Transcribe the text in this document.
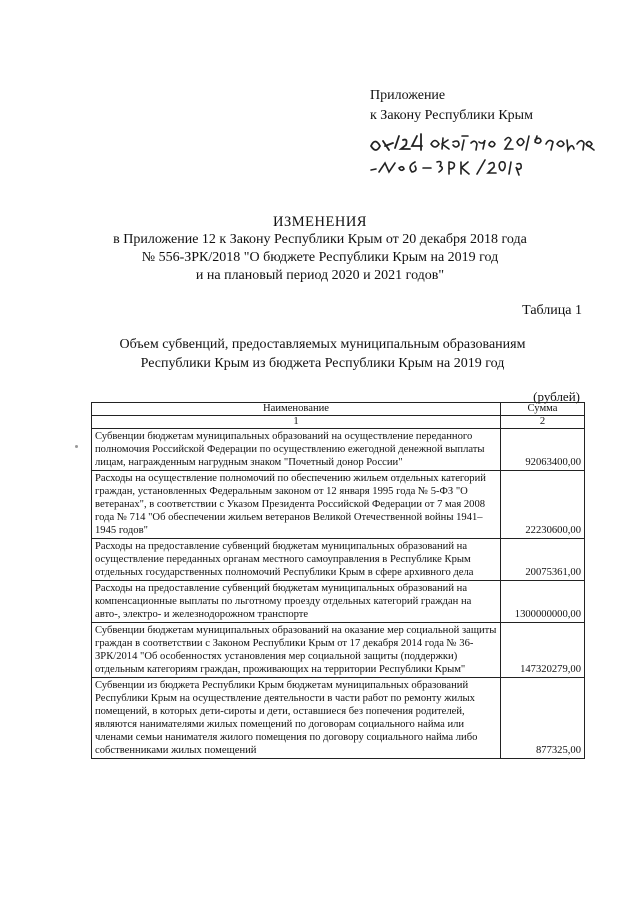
Приложение
к Закону Республики Крым
ИЗМЕНЕНИЯ
в Приложение 12 к Закону Республики Крым от 20 декабря 2018 года
№ 556-ЗРК/2018 "О бюджете Республики Крым на 2019 год
и на плановый период 2020 и 2021 годов"
Таблица 1
Объем субвенций, предоставляемых муниципальным образованиям
Республики Крым из бюджета Республики Крым на 2019 год
(рублей)
Наименование	Сумма
1	2
Субвенции бюджетам муниципальных образований на осуществление переданного полномочия Российской Федерации по осуществлению ежегодной денежной выплаты лицам, награжденным нагрудным знаком "Почетный донор России"	92063400,00
Расходы на осуществление полномочий по обеспечению жильем отдельных категорий граждан, установленных Федеральным законом от 12 января 1995 года № 5-ФЗ "О ветеранах", в соответствии с Указом Президента Российской Федерации от 7 мая 2008 года № 714 "Об обеспечении жильем ветеранов Великой Отечественной войны 1941–1945 годов"	22230600,00
Расходы на предоставление субвенций бюджетам муниципальных образований на осуществление переданных органам местного самоуправления в Республике Крым отдельных государственных полномочий Республики Крым в сфере архивного дела	20075361,00
Расходы на предоставление субвенций бюджетам муниципальных образований на компенсационные выплаты по льготному проезду отдельных категорий граждан на авто-, электро- и железнодорожном транспорте	1300000000,00
Субвенции бюджетам муниципальных образований на оказание мер социальной защиты граждан в соответствии с Законом Республики Крым от 17 декабря 2014 года № 36-ЗРК/2014 "Об особенностях установления мер социальной защиты (поддержки) отдельным категориям граждан, проживающих на территории Республики Крым"	147320279,00
Субвенции из бюджета Республики Крым бюджетам муниципальных образований Республики Крым на осуществление деятельности в части работ по ремонту жилых помещений, в которых дети-сироты и дети, оставшиеся без попечения родителей, являются нанимателями жилых помещений по договорам социального найма или членами семьи нанимателя жилого помещения по договору социального найма либо собственниками жилых помещений	877325,00
